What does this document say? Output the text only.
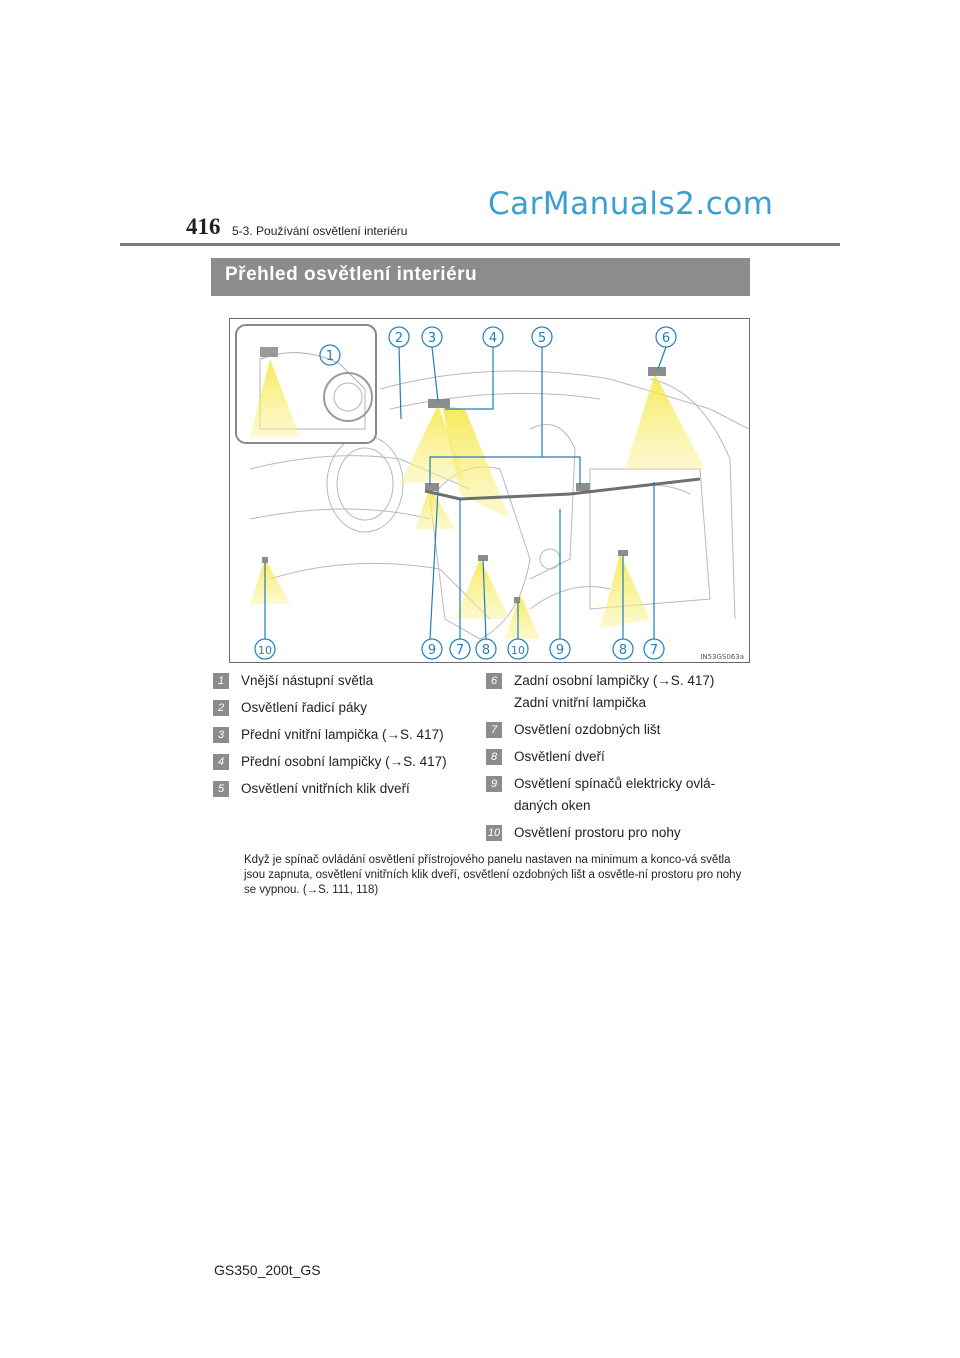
416 5-3. Používání osvětlení interiéru
CarManuals2.com
Přehled osvětlení interiéru
1
2 3	4	5	6
10	9 7 8 10 9	8 7	IN53GS063a
1	Vnější nástupní světla
2	Osvětlení řadicí páky
3	Přední vnitřní lampička (→S. 417)
4	Přední osobní lampičky (→S. 417)
5	Osvětlení vnitřních klik dveří
6	Zadní osobní lampičky (→S. 417)
Zadní vnitřní lampička
7	Osvětlení ozdobných lišt
8	Osvětlení dveří
9	Osvětlení spínačů elektricky ovlá-
daných oken
10 Osvětlení prostoru pro nohy
Když je spínač ovládání osvětlení přístrojového panelu nastaven na minimum a konco-vá světla jsou zapnuta, osvětlení vnitřních klik dveří, osvětlení ozdobných lišt a osvětle-ní prostoru pro nohy se vypnou. (→S. 111, 118)
GS350_200t_GS
